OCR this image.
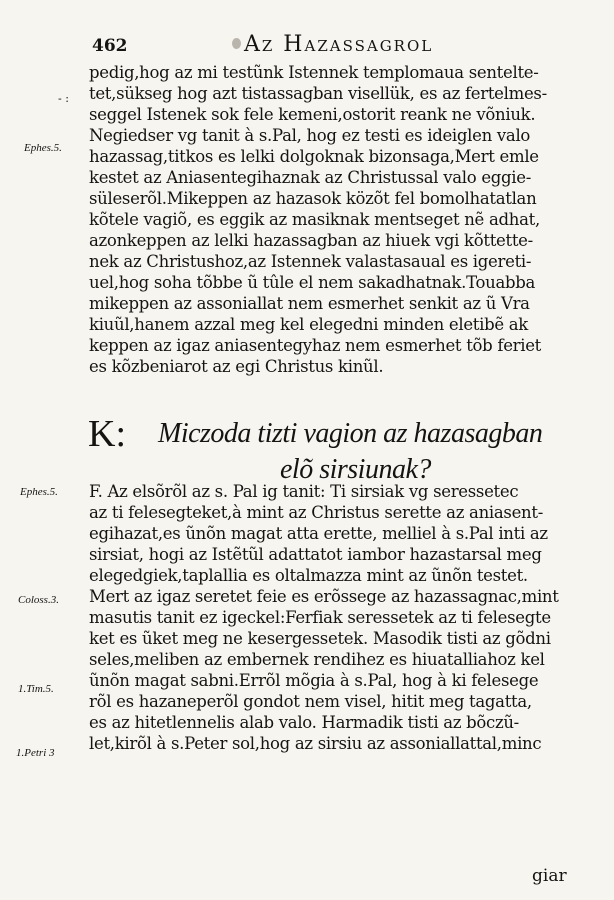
462	Az Hazassagrol
- :
Ephes.5.
Ephes.5.
Coloss.3.
1.Tim.5.
1.Petri 3
pedig,hog az mi testũnk Istennek templomaua sentelte-
tet,sükseg hog azt tistassagban visellük, es az fertelmes-
seggel Istenek sok fele kemeni,ostorit reank ne võniuk.
Negiedser vg tanit à s.Pal, hog ez testi es ideiglen valo
hazassag,titkos es lelki dolgoknak bizonsaga,Mert emle
kestet az Aniasentegihaznak az Christussal valo eggie-
süleserõl.Mikeppen az hazasok közõt fel bomolhatatlan
kõtele vagiõ, es eggik az masiknak mentseget nẽ adhat,
azonkeppen az lelki hazassagban az hiuek vgi kõttette-
nek az Christushoz,az Istennek valastasaual es igereti-
uel,hog soha tõbbe ũ tûle el nem sakadhatnak.Touabba
mikeppen az assoniallat nem esmerhet senkit az ũ Vra
kiuũl,hanem azzal meg kel elegedni minden eletibẽ ak
keppen az igaz aniasentegyhaz nem esmerhet tõb feriet
es kõzbeniarot az egi Christus kinũl.
K: Miczoda tizti vagion az hazasagban
elõ sirsiunak?
F. Az elsõrõl az s. Pal ig tanit: Ti sirsiak vg seressetec
az ti felesegteket,à mint az Christus serette az aniasent-
egihazat,es ũnõn magat atta erette, melliel à s.Pal inti az
sirsiat, hogi az Istẽtũl adattatot iambor hazastarsal meg
elegedgiek,taplallia es oltalmazza mint az ũnõn testet.
Mert az igaz seretet feie es erõssege az hazassagnac,mint
masutis tanit ez igeckel:Ferfiak seressetek az ti felesegte
ket es ũket meg ne kesergessetek. Masodik tisti az gõdni
seles,meliben az embernek rendihez es hiuatalliahoz kel
ũnõn magat sabni.Errõl mõgia à s.Pal, hog à ki felesege
rõl es hazaneperõl gondot nem visel, hitit meg tagatta,
es az hitetlennelis alab valo. Harmadik tisti az bõczũ-
let,kirõl à s.Peter sol,hog az sirsiu az assoniallattal,minc
giar
